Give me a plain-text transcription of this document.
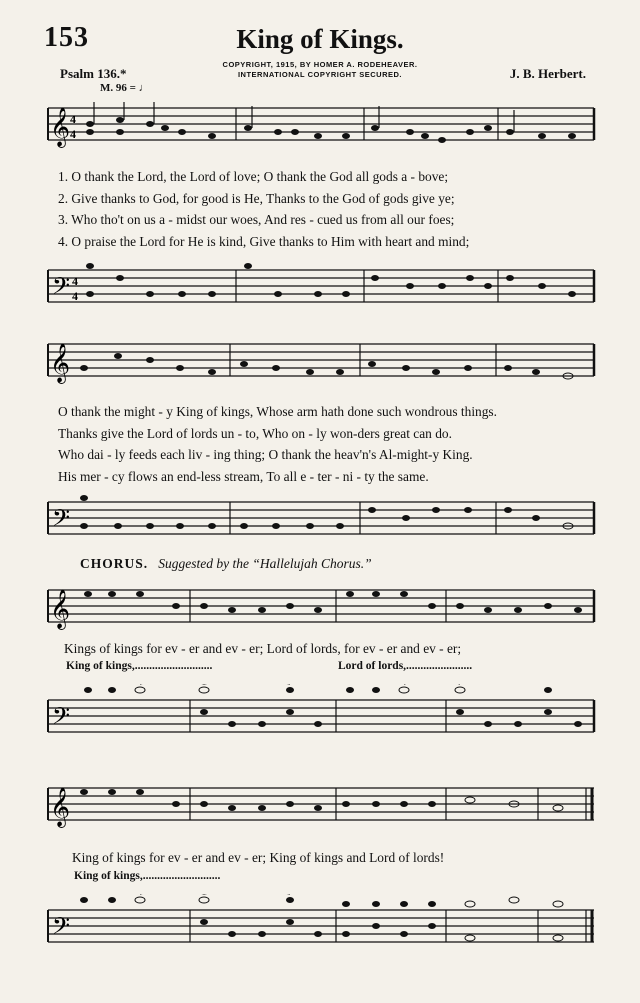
153	King of Kings.
COPYRIGHT, 1915, BY HOMER A. RODEHEAVER.
INTERNATIONAL COPYRIGHT SECURED.
Psalm 136.*	J. B. Herbert.
M. 96 = ♩
𝄞 4
4
1. O thank the Lord, the Lord of love; O thank the God all gods a - bove;
2. Give thanks to God, for good is He, Thanks to the God of gods give ye;
3. Who tho't on us a - midst our woes, And res - cued us from all our foes;
4. O praise the Lord for He is kind, Give thanks to Him with heart and mind;
𝄢 4
4
𝄞
O thank the might - y King of kings, Whose arm hath done such wondrous things.
Thanks give the Lord of lords un - to, Who on - ly won-ders great can do.
Who dai - ly feeds each liv - ing thing; O thank the heav'n's Al-might-y King.
His mer - cy flows an end-less stream, To all e - ter - ni - ty the same.
𝄢
CHORUS. Suggested by the “Hallelujah Chorus.”
𝄞
Kings of kings for ev - er and ev - er; Lord of lords, for ev - er and ev - er;
King of kings,...........................	Lord of lords,.......................
𝄢
𝄞
King of kings for ev - er and ev - er; King of kings and Lord of lords!
King of kings,...........................
𝄢
